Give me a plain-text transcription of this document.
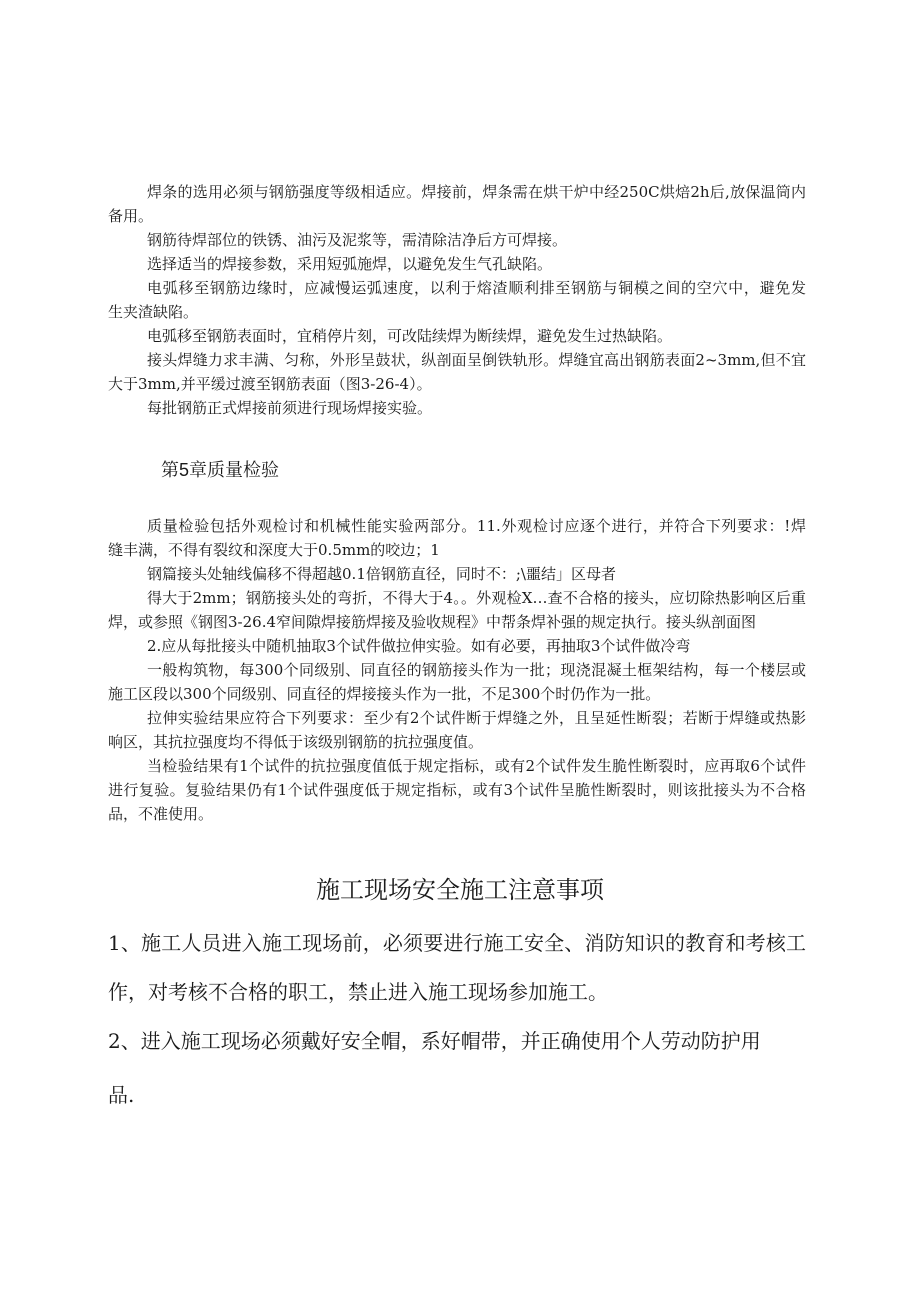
焊条的选用必须与钢筋强度等级相适应。焊接前，焊条需在烘干炉中经250C烘焙2h后,放保温筒内
备用。
钢筋待焊部位的铁锈、油污及泥浆等，需清除洁净后方可焊接。
选择适当的焊接参数，采用短弧施焊，以避免发生气孔缺陷。
电弧移至钢筋边缘时，应减慢运弧速度，以利于熔渣顺利排至钢筋与铜模之间的空穴中，避免发
生夹渣缺陷。
电弧移至钢筋表面时，宜稍停片刻，可改陆续焊为断续焊，避免发生过热缺陷。
接头焊缝力求丰满、匀称，外形呈鼓状，纵剖面呈倒铁轨形。焊缝宜高出钢筋表面2~3mm,但不宜
大于3mm,并平缓过渡至钢筋表面（图3-26-4）。
每批钢筋正式焊接前须进行现场焊接实验。
第5章质量检验
质量检验包括外观检讨和机械性能实验两部分。11.外观检讨应逐个进行，并符合下列要求：!焊
缝丰满，不得有裂纹和深度大于0.5mm的咬边；1
钢篇接头处轴线偏移不得超越0.1倍钢筋直径，同时不：;\噩结」区母者
得大于2mm；钢筋接头处的弯折，不得大于4。。外观检X…查不合格的接头，应切除热影响区后重
焊，或参照《钢图3-26.4窄间隙焊接筋焊接及验收规程》中帮条焊补强的规定执行。接头纵剖面图
2.应从每批接头中随机抽取3个试件做拉伸实验。如有必要，再抽取3个试件做冷弯
一般构筑物，每300个同级别、同直径的钢筋接头作为一批；现浇混凝土框架结构，每一个楼层或
施工区段以300个同级别、同直径的焊接接头作为一批，不足300个时仍作为一批。
拉伸实验结果应符合下列要求：至少有2个试件断于焊缝之外，且呈延性断裂；若断于焊缝或热影
响区，其抗拉强度均不得低于该级别钢筋的抗拉强度值。
当检验结果有1个试件的抗拉强度值低于规定指标，或有2个试件发生脆性断裂时，应再取6个试件
进行复验。复验结果仍有1个试件强度低于规定指标，或有3个试件呈脆性断裂时，则该批接头为不合格
品，不准使用。
施工现场安全施工注意事项
1、施工人员进入施工现场前，必须要进行施工安全、消防知识的教育和考核工
作，对考核不合格的职工，禁止进入施工现场参加施工。
2、进入施工现场必须戴好安全帽，系好帽带，并正确使用个人劳动防护用
品.
